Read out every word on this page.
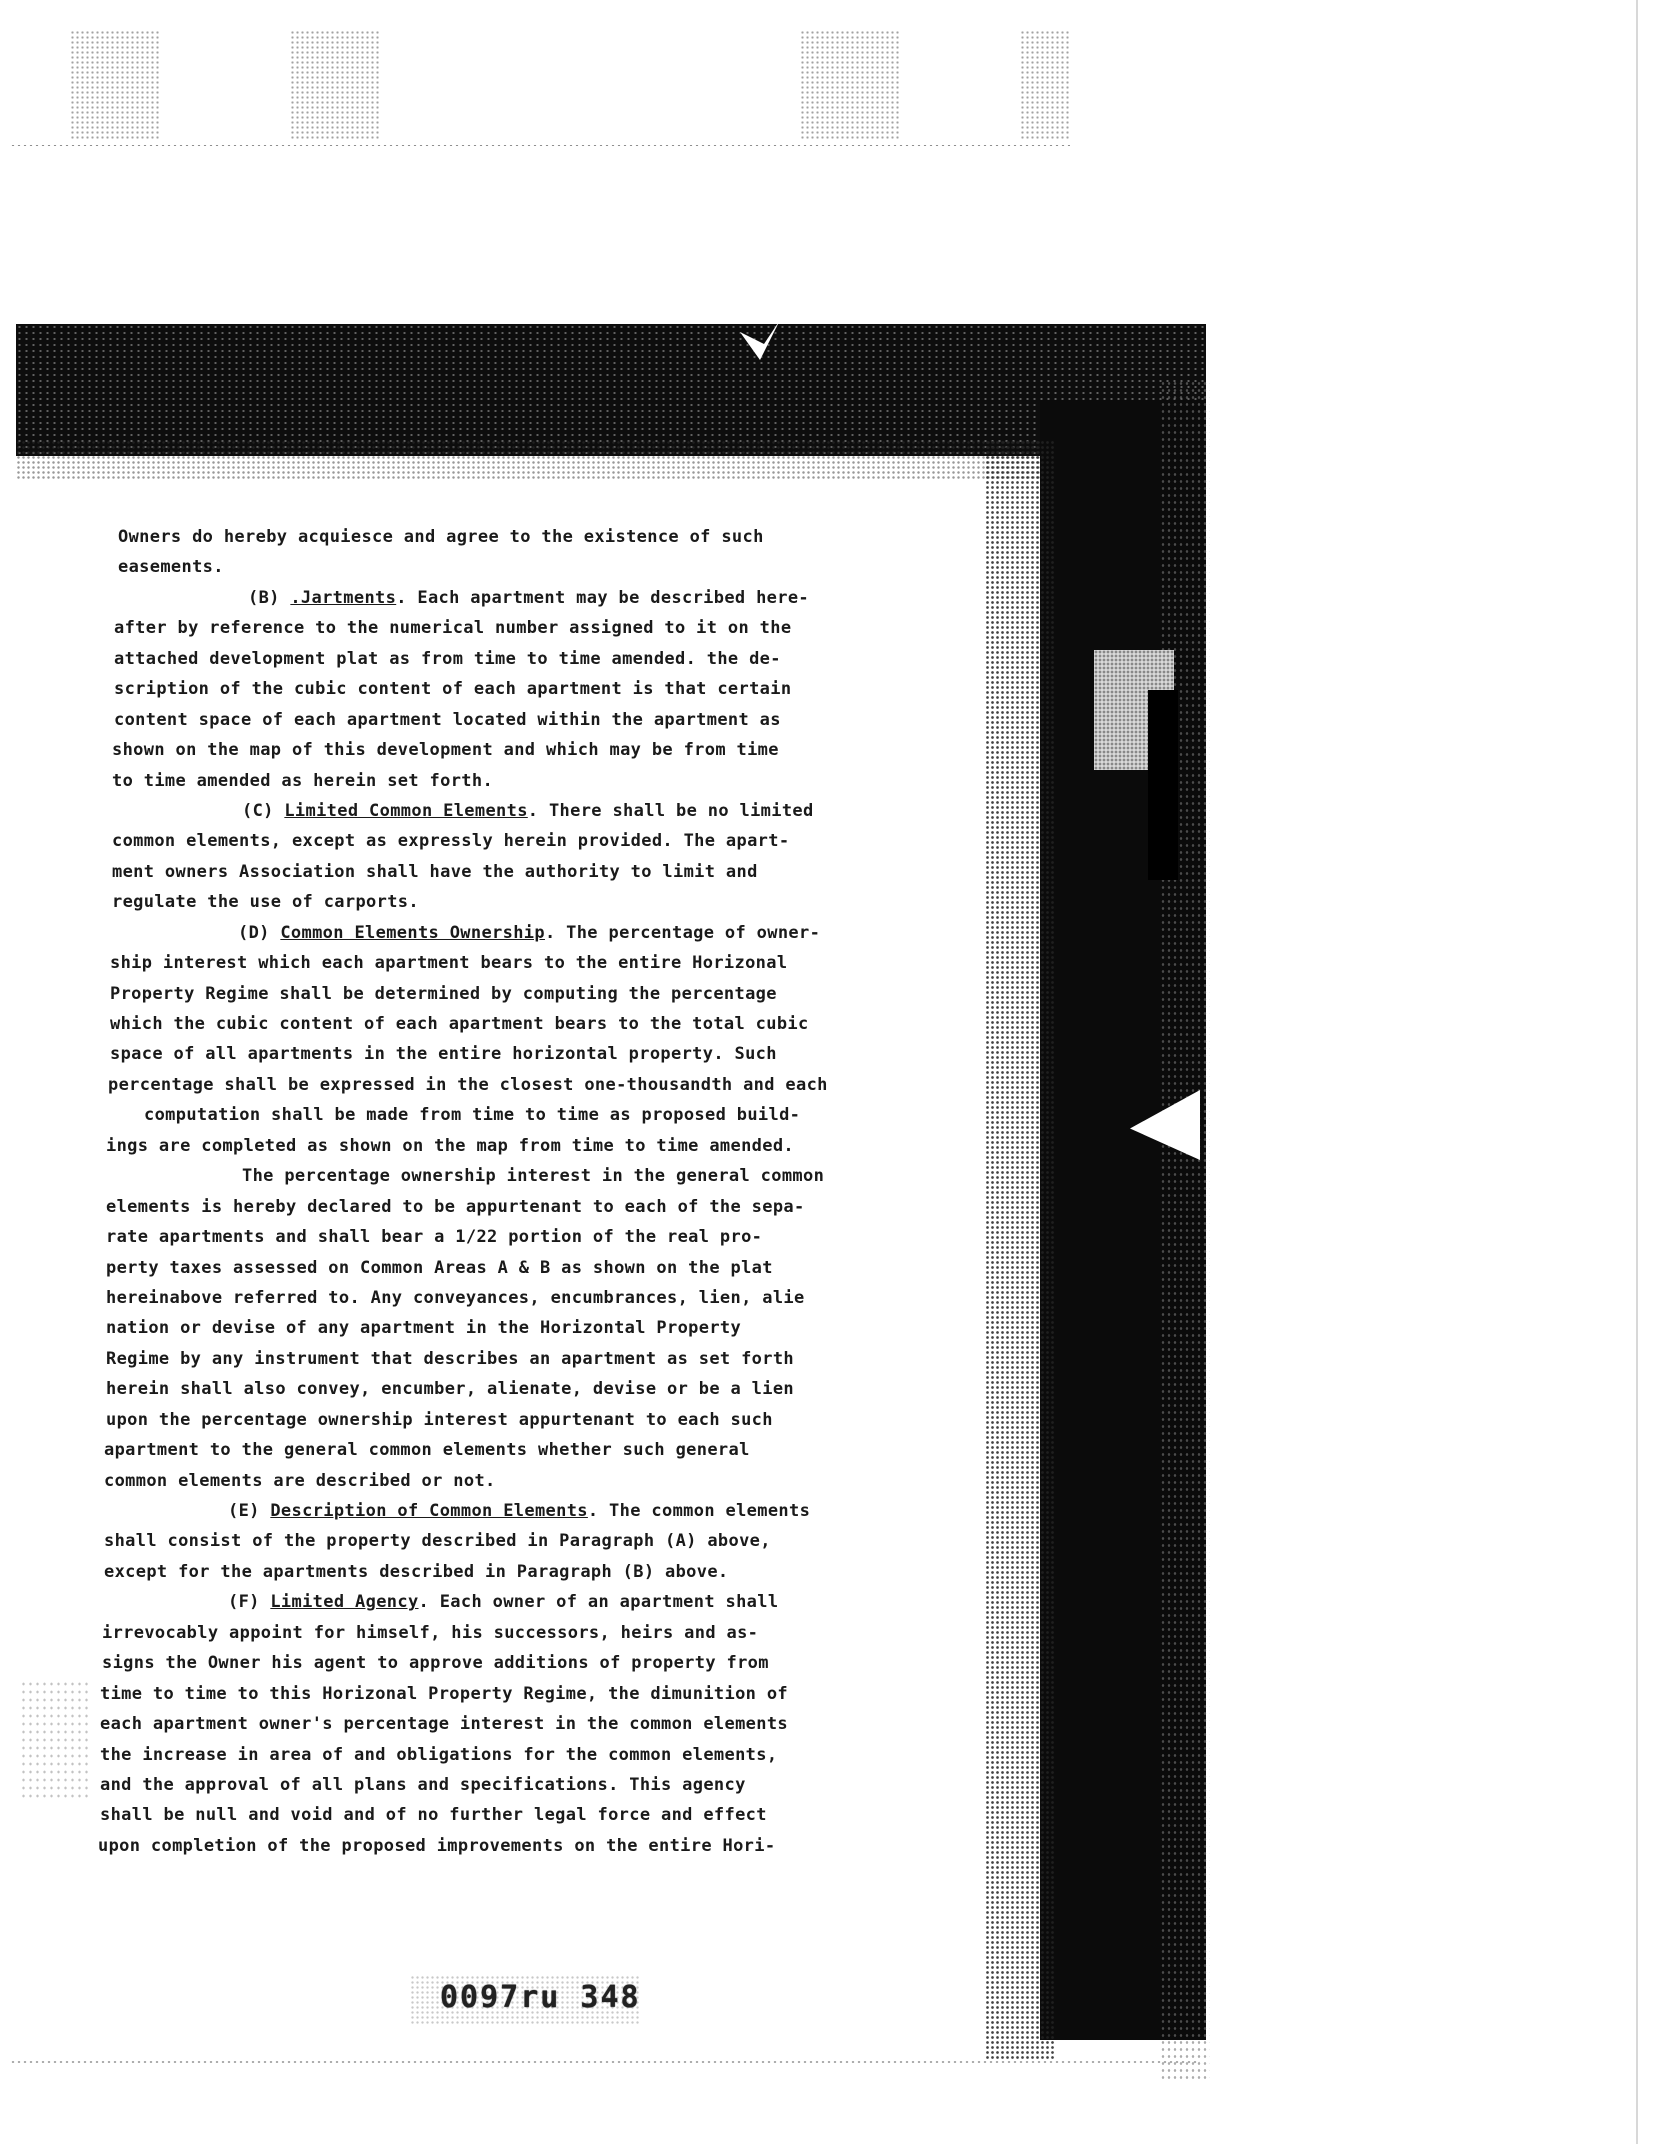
Owners do hereby acquiesce and agree to the existence of such
easements.
(B) .Jartments. Each apartment may be described here-
after by reference to the numerical number assigned to it on the
attached development plat as from time to time amended. the de-
scription of the cubic content of each apartment is that certain
content space of each apartment located within the apartment as
shown on the map of this development and which may be from time
to time amended as herein set forth.
(C) Limited Common Elements. There shall be no limited
common elements, except as expressly herein provided. The apart-
ment owners Association shall have the authority to limit and
regulate the use of carports.
(D) Common Elements Ownership. The percentage of owner-
ship interest which each apartment bears to the entire Horizonal
Property Regime shall be determined by computing the percentage
which the cubic content of each apartment bears to the total cubic
space of all apartments in the entire horizontal property. Such
percentage shall be expressed in the closest one-thousandth and each
computation shall be made from time to time as proposed build-
ings are completed as shown on the map from time to time amended.
The percentage ownership interest in the general common
elements is hereby declared to be appurtenant to each of the sepa-
rate apartments and shall bear a 1/22 portion of the real pro-
perty taxes assessed on Common Areas A & B as shown on the plat
hereinabove referred to. Any conveyances, encumbrances, lien, alie
nation or devise of any apartment in the Horizontal Property
Regime by any instrument that describes an apartment as set forth
herein shall also convey, encumber, alienate, devise or be a lien
upon the percentage ownership interest appurtenant to each such
apartment to the general common elements whether such general
common elements are described or not.
(E) Description of Common Elements. The common elements
shall consist of the property described in Paragraph (A) above,
except for the apartments described in Paragraph (B) above.
(F) Limited Agency. Each owner of an apartment shall
irrevocably appoint for himself, his successors, heirs and as-
signs the Owner his agent to approve additions of property from
time to time to this Horizonal Property Regime, the dimunition of
each apartment owner's percentage interest in the common elements
the increase in area of and obligations for the common elements,
and the approval of all plans and specifications. This agency
shall be null and void and of no further legal force and effect
upon completion of the proposed improvements on the entire Hori-
0097ru 348
